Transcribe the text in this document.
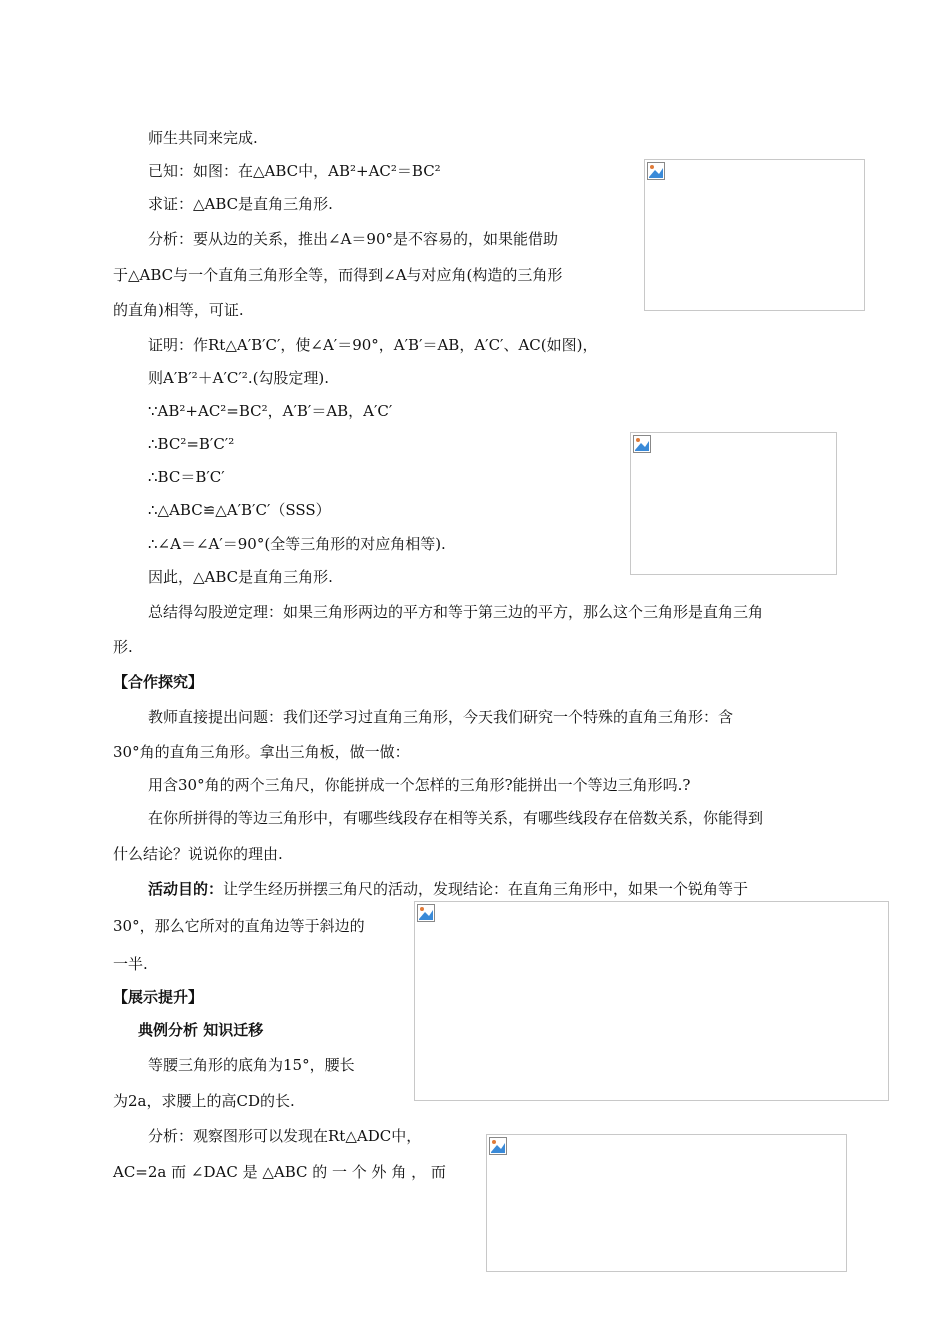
师生共同来完成.
已知：如图：在△ABC中，AB²+AC²＝BC²
求证：△ABC是直角三角形.
分析：要从边的关系，推出∠A＝90°是不容易的，如果能借助
于△ABC与一个直角三角形全等，而得到∠A与对应角(构造的三角形
的直角)相等，可证.
证明：作Rt△A′B′C′，使∠A′＝90°，A′B′＝AB，A′C′、AC(如图)，
则A′B′²＋A′C′².(勾股定理).
∵AB²+AC²=BC²，A′B′＝AB，A′C′
∴BC²=B′C′²
∴BC＝B′C′
∴△ABC≌△A′B′C′（SSS）
∴∠A＝∠A′＝90°(全等三角形的对应角相等).
因此，△ABC是直角三角形.
总结得勾股逆定理：如果三角形两边的平方和等于第三边的平方，那么这个三角形是直角三角
形.
【合作探究】
教师直接提出问题：我们还学习过直角三角形，今天我们研究一个特殊的直角三角形：含
30°角的直角三角形。拿出三角板，做一做：
用含30°角的两个三角尺，你能拼成一个怎样的三角形?能拼出一个等边三角形吗.?
在你所拼得的等边三角形中，有哪些线段存在相等关系，有哪些线段存在倍数关系，你能得到
什么结论？说说你的理由.
活动目的：让学生经历拼摆三角尺的活动，发现结论：在直角三角形中，如果一个锐角等于
30°，那么它所对的直角边等于斜边的
一半.
【展示提升】
典例分析 知识迁移
等腰三角形的底角为15°，腰长
为2a，求腰上的高CD的长.
分析：观察图形可以发现在Rt△ADC中，
AC=2a 而 ∠DAC 是 △ABC 的 一 个 外 角 ， 而
